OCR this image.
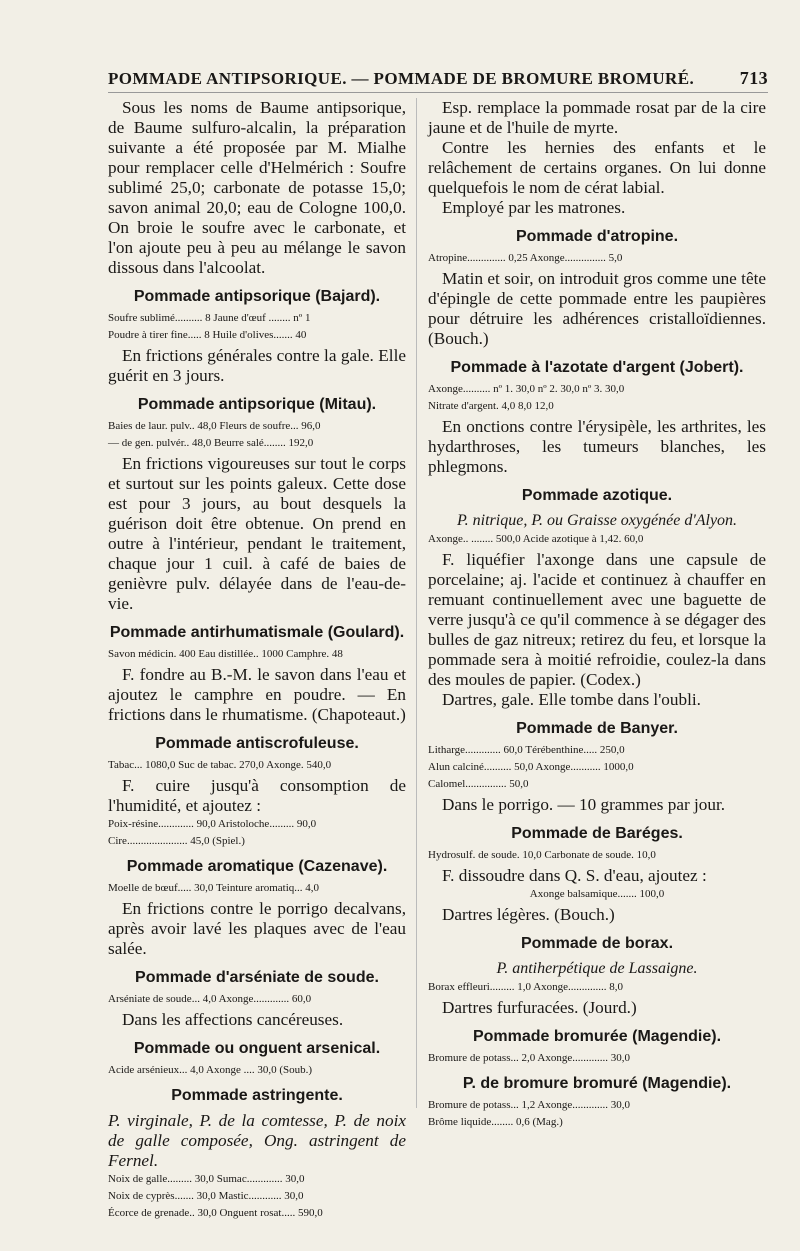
POMMADE ANTIPSORIQUE. — POMMADE DE BROMURE BROMURÉ.	713

Sous les noms de Baume antipsorique, de Baume sulfuro-alcalin, la préparation suivante a été proposée par M. Mialhe pour remplacer celle d'Helmérich : Soufre sublimé 25,0; carbonate de potasse 15,0; savon animal 20,0; eau de Cologne 100,0. On broie le soufre avec le carbonate, et l'on ajoute peu à peu au mélange le savon dissous dans l'alcoolat.

Pommade antipsorique (Bajard).
Soufre sublimé.......... 8 Jaune d'œuf ........ nº 1
Poudre à tirer fine..... 8 Huile d'olives....... 40

En frictions générales contre la gale. Elle guérit en 3 jours.

Pommade antipsorique (Mitau).
Baies de laur. pulv.. 48,0 Fleurs de soufre... 96,0
— de gen. pulvér.. 48,0 Beurre salé........ 192,0

En frictions vigoureuses sur tout le corps et surtout sur les points galeux. Cette dose est pour 3 jours, au bout desquels la guérison doit être obtenue. On prend en outre à l'intérieur, pendant le traitement, chaque jour 1 cuil. à café de baies de genièvre pulv. délayée dans de l'eau-de-vie.

Pommade antirhumatismale (Goulard).
Savon médicin. 400 Eau distillée.. 1000 Camphre. 48

F. fondre au B.-M. le savon dans l'eau et ajoutez le camphre en poudre. — En frictions dans le rhumatisme. (Chapoteaut.)

Pommade antiscrofuleuse.
Tabac... 1080,0 Suc de tabac. 270,0 Axonge. 540,0

F. cuire jusqu'à consomption de l'humidité, et ajoutez :

Poix-résine............. 90,0 Aristoloche......... 90,0
Cire...................... 45,0 (Spiel.)
Pommade aromatique (Cazenave).
Moelle de bœuf..... 30,0 Teinture aromatiq... 4,0

En frictions contre le porrigo decalvans, après avoir lavé les plaques avec de l'eau salée.

Pommade d'arséniate de soude.
Arséniate de soude... 4,0 Axonge............. 60,0

Dans les affections cancéreuses.

Pommade ou onguent arsenical.
Acide arsénieux... 4,0 Axonge .... 30,0 (Soub.)
Pommade astringente.

P. virginale, P. de la comtesse, P. de noix de galle composée, Ong. astringent de Fernel.

Noix de galle......... 30,0 Sumac............. 30,0
Noix de cyprès....... 30,0 Mastic............ 30,0
Écorce de grenade.. 30,0 Onguent rosat..... 590,0

Esp. remplace la pommade rosat par de la cire jaune et de l'huile de myrte.

Contre les hernies des enfants et le relâchement de certains organes. On lui donne quelquefois le nom de cérat labial.

Employé par les matrones.

Pommade d'atropine.
Atropine.............. 0,25 Axonge............... 5,0

Matin et soir, on introduit gros comme une tête d'épingle de cette pommade entre les paupières pour détruire les adhérences cristalloïdiennes. (Bouch.)

Pommade à l'azotate d'argent (Jobert).
Axonge.......... nº 1. 30,0 nº 2. 30,0 nº 3. 30,0
Nitrate d'argent. 4,0 8,0 12,0

En onctions contre l'érysipèle, les arthrites, les hydarthroses, les tumeurs blanches, les phlegmons.

Pommade azotique.
P. nitrique, P. ou Graisse oxygénée d'Alyon.
Axonge.. ........ 500,0 Acide azotique à 1,42. 60,0

F. liquéfier l'axonge dans une capsule de porcelaine; aj. l'acide et continuez à chauffer en remuant continuellement avec une baguette de verre jusqu'à ce qu'il commence à se dégager des bulles de gaz nitreux; retirez du feu, et lorsque la pommade sera à moitié refroidie, coulez-la dans des moules de papier. (Codex.)

Dartres, gale. Elle tombe dans l'oubli.

Pommade de Banyer.
Litharge............. 60,0 Térébenthine..... 250,0
Alun calciné.......... 50,0 Axonge........... 1000,0
Calomel............... 50,0

Dans le porrigo. — 10 grammes par jour.

Pommade de Baréges.
Hydrosulf. de soude. 10,0 Carbonate de soude. 10,0

F. dissoudre dans Q. S. d'eau, ajoutez :

Axonge balsamique....... 100,0

Dartres légères. (Bouch.)

Pommade de borax.
P. antiherpétique de Lassaigne.
Borax effleuri......... 1,0 Axonge.............. 8,0

Dartres furfuracées. (Jourd.)

Pommade bromurée (Magendie).
Bromure de potass... 2,0 Axonge............. 30,0
P. de bromure bromuré (Magendie).
Bromure de potass... 1,2 Axonge............. 30,0
Brôme liquide........ 0,6 (Mag.)
